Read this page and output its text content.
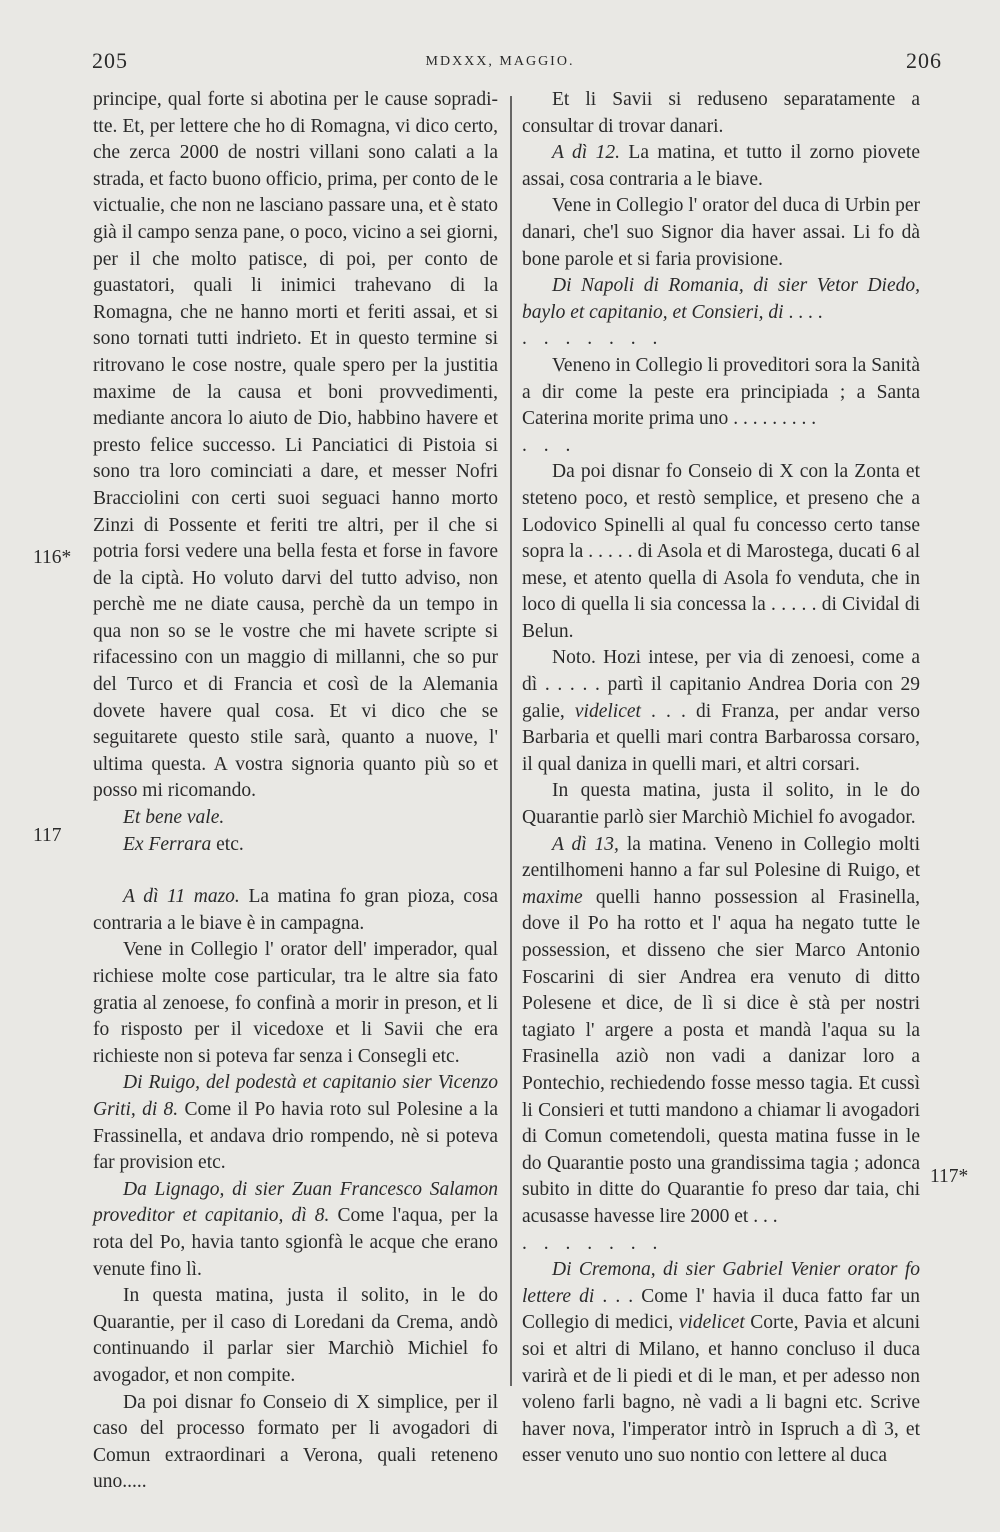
205	MDXXX, MAGGIO.	206
116*
117
117*

principe, qual forte si abotina per le cause sopraditte. Et, per lettere che ho di Romagna, vi dico certo, che zerca 2000 de nostri villani sono calati a la strada, et facto buono officio, prima, per conto de le victualie, che non ne lasciano passare una, et è stato già il campo senza pane, o poco, vicino a sei giorni, per il che molto patisce, di poi, per conto de guastatori, quali li inimici trahevano di la Romagna, che ne hanno morti et feriti assai, et si sono tornati tutti indrieto. Et in questo termine si ritrovano le cose nostre, quale spero per la justitia maxime de la causa et boni provvedimenti, mediante ancora lo aiuto de Dio, habbino havere et presto felice successo. Li Panciatici di Pistoia si sono tra loro cominciati a dare, et messer Nofri Bracciolini con certi suoi seguaci hanno morto Zinzi di Possente et feriti tre altri, per il che si potria forsi vedere una bella festa et forse in favore de la ciptà. Ho voluto darvi del tutto adviso, non perchè me ne diate causa, perchè da un tempo in qua non so se le vostre che mi havete scripte si rifacessino con un maggio di millanni, che so pur del Turco et di Francia et così de la Alemania dovete havere qual cosa. Et vi dico che se seguitarete questo stile sarà, quanto a nuove, l' ultima questa. A vostra signoria quanto più so et posso mi ricomando.

Et bene vale.

Ex Ferrara etc.

A dì 11 mazo. La matina fo gran pioza, cosa contraria a le biave è in campagna.

Vene in Collegio l' orator dell' imperador, qual richiese molte cose particular, tra le altre sia fato gratia al zenoese, fo confinà a morir in preson, et li fo risposto per il vicedoxe et li Savii che era richieste non si poteva far senza i Consegli etc.

Di Ruigo, del podestà et capitanio sier Vicenzo Griti, di 8. Come il Po havia roto sul Polesine a la Frassinella, et andava drio rompendo, nè si poteva far provision etc.

Da Lignago, di sier Zuan Francesco Salamon proveditor et capitanio, dì 8. Come l'aqua, per la rota del Po, havia tanto sgionfà le acque che erano venute fino lì.

In questa matina, justa il solito, in le do Quarantie, per il caso di Loredani da Crema, andò continuando il parlar sier Marchiò Michiel fo avogador, et non compite.

Da poi disnar fo Conseio di X simplice, per il caso del processo formato per li avogadori di Comun extraordinari a Verona, quali reteneno uno.....

Et li Savii si reduseno separatamente a consultar di trovar danari.

A dì 12. La matina, et tutto il zorno piovete assai, cosa contraria a le biave.

Vene in Collegio l' orator del duca di Urbin per danari, che'l suo Signor dia haver assai. Li fo dà bone parole et si faria provisione.

Di Napoli di Romania, di sier Vetor Diedo, baylo et capitanio, et Consieri, di . . . .

. . . . . . .

Veneno in Collegio li proveditori sora la Sanità a dir come la peste era principiada ; a Santa Caterina morite prima uno . . . . . . . . .

. . .

Da poi disnar fo Conseio di X con la Zonta et steteno poco, et restò semplice, et preseno che a Lodovico Spinelli al qual fu concesso certo tanse sopra la . . . . . di Asola et di Marostega, ducati 6 al mese, et atento quella di Asola fo venduta, che in loco di quella li sia concessa la . . . . . di Cividal di Belun.

Noto. Hozi intese, per via di zenoesi, come a dì . . . . . partì il capitanio Andrea Doria con 29 galie, videlicet . . . di Franza, per andar verso Barbaria et quelli mari contra Barbarossa corsaro, il qual daniza in quelli mari, et altri corsari.

In questa matina, justa il solito, in le do Quarantie parlò sier Marchiò Michiel fo avogador.

A dì 13, la matina. Veneno in Collegio molti zentilhomeni hanno a far sul Polesine di Ruigo, et maxime quelli hanno possession al Frasinella, dove il Po ha rotto et l' aqua ha negato tutte le possession, et disseno che sier Marco Antonio Foscarini di sier Andrea era venuto di ditto Polesene et dice, de lì si dice è stà per nostri tagiato l' argere a posta et mandà l'aqua su la Frasinella aziò non vadi a danizar loro a Pontechio, rechiedendo fosse messo tagia. Et cussì li Consieri et tutti mandono a chiamar li avogadori di Comun cometendoli, questa matina fusse in le do Quarantie posto una grandissima tagia ; adonca subito in ditte do Quarantie fo preso dar taia, chi acusasse havesse lire 2000 et . . .

. . . . . . .

Di Cremona, di sier Gabriel Venier orator fo lettere di . . . Come l' havia il duca fatto far un Collegio di medici, videlicet Corte, Pavia et alcuni soi et altri di Milano, et hanno concluso il duca varirà et de li piedi et di le man, et per adesso non voleno farli bagno, nè vadi a li bagni etc. Scrive haver nova, l'imperator intrò in Ispruch a dì 3, et esser venuto uno suo nontio con lettere al duca
